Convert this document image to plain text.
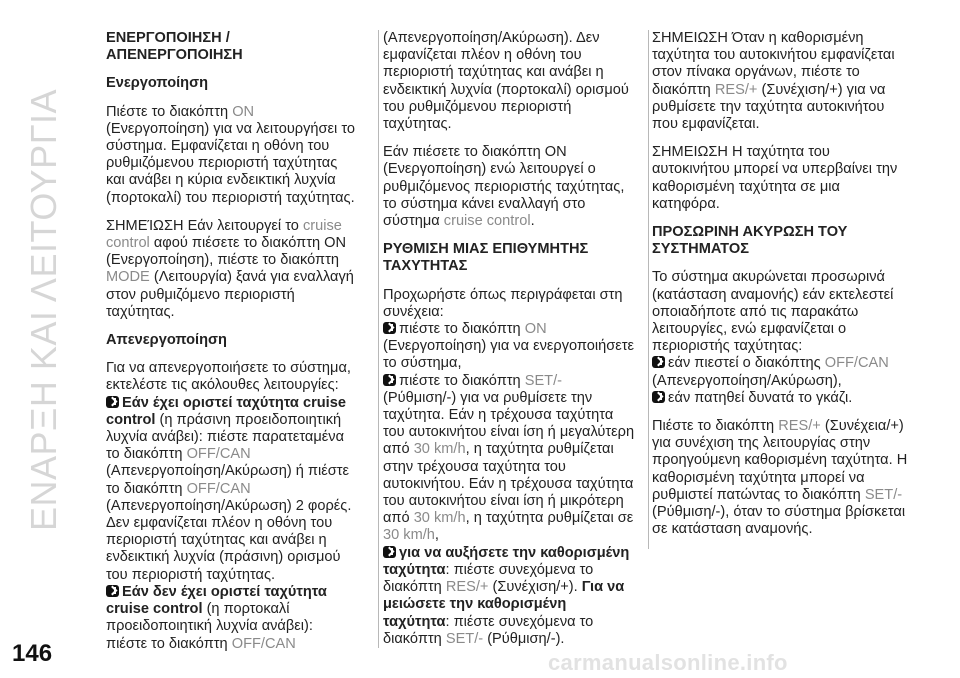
ΕΝΑΡΞΗ ΚΑΙ ΛΕΙΤΟΥΡΓΙΑ
146	carmanualsonline.info

ΕΝΕΡΓΟΠΟΙΗΣΗ / ΑΠΕΝΕΡΓΟΠΟΙΗΣΗ

Ενεργοποίηση

Πιέστε το διακόπτη ON (Ενεργοποίηση) για να λειτουργήσει το σύστημα. Εμφανίζεται η οθόνη του ρυθμιζόμενου περιοριστή ταχύτητας και ανάβει η κύρια ενδεικτική λυχνία (πορτοκαλί) του περιοριστή ταχύτητας.

ΣΗΜΕΊΩΣΗ Εάν λειτουργεί το cruise control αφού πιέσετε το διακόπτη ON (Ενεργοποίηση), πιέστε το διακόπτη MODE (Λειτουργία) ξανά για εναλλαγή στον ρυθμιζόμενο περιοριστή ταχύτητας.

Απενεργοποίηση

Για να απενεργοποιήσετε το σύστημα, εκτελέστε τις ακόλουθες λειτουργίες:

Εάν έχει οριστεί ταχύτητα cruise control (η πράσινη προειδοποιητική λυχνία ανάβει): πιέστε παρατεταμένα το διακόπτη OFF/CAN (Απενεργοποίηση/Ακύρωση) ή πιέστε το διακόπτη OFF/CAN (Απενεργοποίηση/Ακύρωση) 2 φορές. Δεν εμφανίζεται πλέον η οθόνη του περιοριστή ταχύτητας και ανάβει η ενδεικτική λυχνία (πράσινη) ορισμού του περιοριστή ταχύτητας.

Εάν δεν έχει οριστεί ταχύτητα cruise control (η πορτοκαλί προειδοποιητική λυχνία ανάβει): πιέστε το διακόπτη OFF/CAN

(Απενεργοποίηση/Ακύρωση). Δεν εμφανίζεται πλέον η οθόνη του περιοριστή ταχύτητας και ανάβει η ενδεικτική λυχνία (πορτοκαλί) ορισμού του ρυθμιζόμενου περιοριστή ταχύτητας.

Εάν πιέσετε το διακόπτη ON (Ενεργοποίηση) ενώ λειτουργεί ο ρυθμιζόμενος περιοριστής ταχύτητας, το σύστημα κάνει εναλλαγή στο σύστημα cruise control.

ΡΥΘΜΙΣΗ ΜΙΑΣ ΕΠΙΘΥΜΗΤΗΣ ΤΑΧΥΤΗΤΑΣ

Προχωρήστε όπως περιγράφεται στη συνέχεια:

πιέστε το διακόπτη ON (Ενεργοποίηση) για να ενεργοποιήσετε το σύστημα,

πιέστε το διακόπτη SET/- (Ρύθμιση/-) για να ρυθμίσετε την ταχύτητα. Εάν η τρέχουσα ταχύτητα του αυτοκινήτου είναι ίση ή μεγαλύτερη από 30 km/h, η ταχύτητα ρυθμίζεται στην τρέχουσα ταχύτητα του αυτοκινήτου. Εάν η τρέχουσα ταχύτητα του αυτοκινήτου είναι ίση ή μικρότερη από 30 km/h, η ταχύτητα ρυθμίζεται σε 30 km/h,

για να αυξήσετε την καθορισμένη ταχύτητα: πιέστε συνεχόμενα το διακόπτη RES/+ (Συνέχιση/+). Για να μειώσετε την καθορισμένη ταχύτητα: πιέστε συνεχόμενα το διακόπτη SET/- (Ρύθμιση/-).

ΣΗΜΕΙΩΣΗ Όταν η καθορισμένη ταχύτητα του αυτοκινήτου εμφανίζεται στον πίνακα οργάνων, πιέστε το διακόπτη RES/+ (Συνέχιση/+) για να ρυθμίσετε την ταχύτητα αυτοκινήτου που εμφανίζεται.

ΣΗΜΕΙΩΣΗ Η ταχύτητα του αυτοκινήτου μπορεί να υπερβαίνει την καθορισμένη ταχύτητα σε μια κατηφόρα.

ΠΡΟΣΩΡΙΝΗ ΑΚΥΡΩΣΗ ΤΟΥ ΣΥΣΤΗΜΑΤΟΣ

Το σύστημα ακυρώνεται προσωρινά (κατάσταση αναμονής) εάν εκτελεστεί οποιαδήποτε από τις παρακάτω λειτουργίες, ενώ εμφανίζεται ο περιοριστής ταχύτητας:

εάν πιεστεί ο διακόπτης OFF/CAN (Απενεργοποίηση/Ακύρωση),

εάν πατηθεί δυνατά το γκάζι.

Πιέστε το διακόπτη RES/+ (Συνέχεια/+) για συνέχιση της λειτουργίας στην προηγούμενη καθορισμένη ταχύτητα. Η καθορισμένη ταχύτητα μπορεί να ρυθμιστεί πατώντας το διακόπτη SET/- (Ρύθμιση/-), όταν το σύστημα βρίσκεται σε κατάσταση αναμονής.
